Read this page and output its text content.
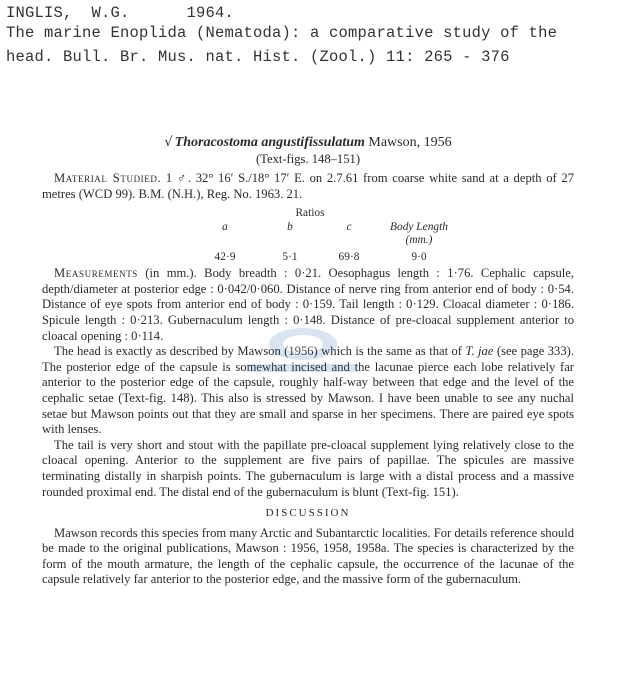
INGLIS,  W.G.      1964.
The marine Enoplida (Nematoda): a comparative study of the
head. Bull. Br. Mus. nat. Hist. (Zool.) 11: 265 - 376
√ Thoracostoma angustifissulatum Mawson, 1956
(Text-figs. 148–151)

Material Studied. 1 ♂. 32° 16′ S./18° 17′ E. on 2.7.61 from coarse white sand at a depth of 27 metres (WCD 99). B.M. (N.H.), Reg. No. 1963. 21.

Ratios
a	b	c	Body Length
(mm.)
42·9	5·1	69·8	9·0

Measurements (in mm.). Body breadth : 0·21. Oesophagus length : 1·76. Cephalic capsule, depth/diameter at posterior edge : 0·042/0·060. Distance of nerve ring from anterior end of body : 0·54. Distance of eye spots from anterior end of body : 0·159. Tail length : 0·129. Cloacal diameter : 0·186. Spicule length : 0·213. Gubernaculum length : 0·148. Distance of pre-cloacal supplement anterior to cloacal opening : 0·114.

The head is exactly as described by Mawson (1956) which is the same as that of T. jae (see page 333). The posterior edge of the capsule is somewhat incised and the lacunae pierce each lobe relatively far anterior to the posterior edge of the capsule, roughly half-way between that edge and the level of the cephalic setae (Text-fig. 148). This also is stressed by Mawson. I have been unable to see any nuchal setae but Mawson points out that they are small and sparse in her specimens. There are paired eye spots with lenses.

The tail is very short and stout with the papillate pre-cloacal supplement lying relatively close to the cloacal opening. Anterior to the supplement are five pairs of papillae. The spicules are massive terminating distally in sharpish points. The gubernaculum is large with a distal process and a massive rounded proximal end. The distal end of the gubernaculum is blunt (Text-fig. 151).

DISCUSSION

Mawson records this species from many Arctic and Subantarctic localities. For details reference should be made to the original publications, Mawson : 1956, 1958, 1958a. The species is characterized by the form of the mouth armature, the length of the cephalic capsule, the occurrence of the lacunae of the capsule relatively far anterior to the posterior edge, and the massive form of the gubernaculum.
